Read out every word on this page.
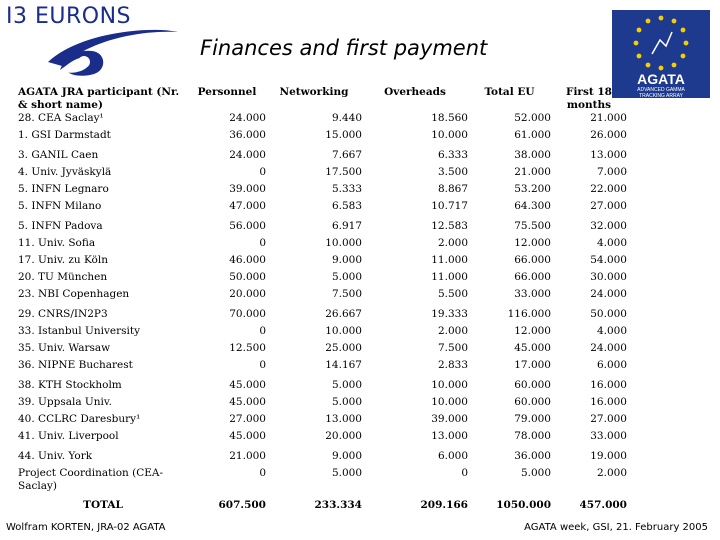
I3 EURONS
Finances and first payment
AGATA
ADVANCED GAMMA
TRACKING ARRAY
AGATA JRA participant (Nr. & short name)	Personnel	Networking	Overheads	Total EU	First 18 months
28. CEA Saclay¹	24.000	9.440	18.560	52.000	21.000
1. GSI Darmstadt	36.000	15.000	10.000	61.000	26.000
3. GANIL Caen	24.000	7.667	6.333	38.000	13.000
4. Univ. Jyväskylä	0	17.500	3.500	21.000	7.000
5. INFN Legnaro	39.000	5.333	8.867	53.200	22.000
5. INFN Milano	47.000	6.583	10.717	64.300	27.000
5. INFN Padova	56.000	6.917	12.583	75.500	32.000
11. Univ. Sofia	0	10.000	2.000	12.000	4.000
17. Univ. zu Köln	46.000	9.000	11.000	66.000	54.000
20. TU München	50.000	5.000	11.000	66.000	30.000
23. NBI Copenhagen	20.000	7.500	5.500	33.000	24.000
29. CNRS/IN2P3	70.000	26.667	19.333	116.000	50.000
33. Istanbul University	0	10.000	2.000	12.000	4.000
35. Univ. Warsaw	12.500	25.000	7.500	45.000	24.000
36. NIPNE Bucharest	0	14.167	2.833	17.000	6.000
38. KTH Stockholm	45.000	5.000	10.000	60.000	16.000
39. Uppsala Univ.	45.000	5.000	10.000	60.000	16.000
40. CCLRC Daresbury¹	27.000	13.000	39.000	79.000	27.000
41. Univ. Liverpool	45.000	20.000	13.000	78.000	33.000
44. Univ. York	21.000	9.000	6.000	36.000	19.000
Project Coordination (CEA-Saclay)	0	5.000	0	5.000	2.000
TOTAL	607.500	233.334	209.166	1050.000	457.000
Wolfram KORTEN, JRA-02 AGATA	AGATA week, GSI, 21. February 2005
